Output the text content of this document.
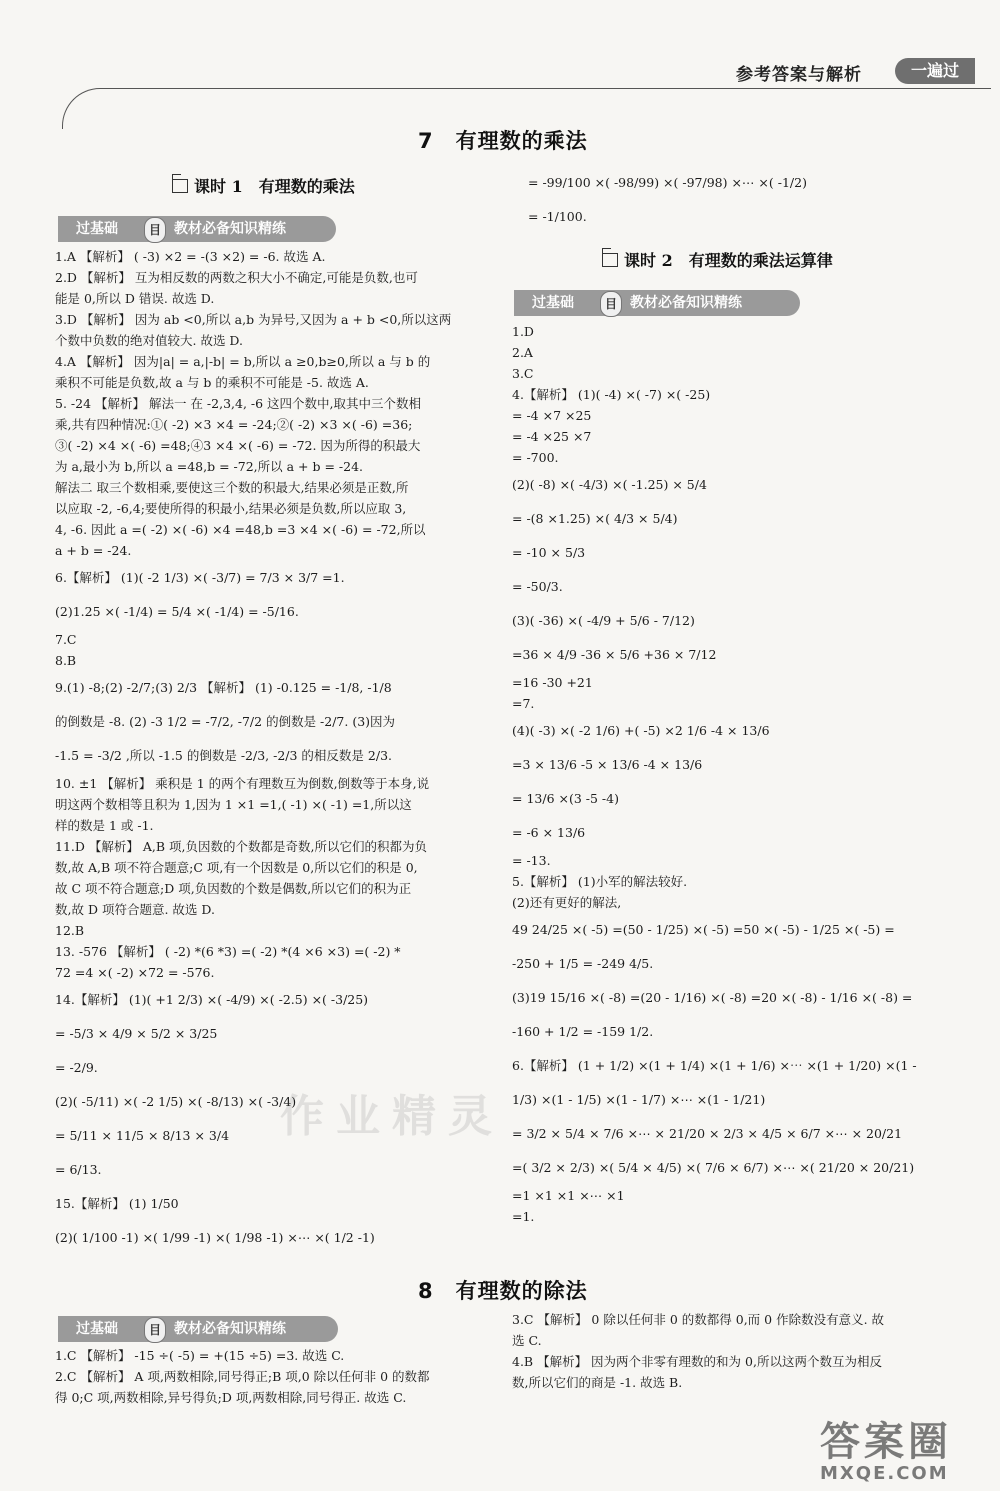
参考答案与解析	一遍过
7　有理数的乘法
课时 1　有理数的乘法
过基础	目 教材必备知识精练
1.A 【解析】 ( -3) ×2 = -(3 ×2) = -6. 故选 A.
2.D 【解析】 互为相反数的两数之积大小不确定,可能是负数,也可
能是 0,所以 D 错误. 故选 D.
3.D 【解析】 因为 ab <0,所以 a,b 为异号,又因为 a + b <0,所以这两
个数中负数的绝对值较大. 故选 D.
4.A 【解析】 因为|a| = a,|-b| = b,所以 a ≥0,b≥0,所以 a 与 b 的
乘积不可能是负数,故 a 与 b 的乘积不可能是 -5. 故选 A.
5. -24 【解析】 解法一 在 -2,3,4, -6 这四个数中,取其中三个数相
乘,共有四种情况:①( -2) ×3 ×4 = -24;②( -2) ×3 ×( -6) =36;
③( -2) ×4 ×( -6) =48;④3 ×4 ×( -6) = -72. 因为所得的积最大
为 a,最小为 b,所以 a =48,b = -72,所以 a + b = -24.
解法二 取三个数相乘,要使这三个数的积最大,结果必须是正数,所
以应取 -2, -6,4;要使所得的积最小,结果必须是负数,所以应取 3,
4, -6. 因此 a =( -2) ×( -6) ×4 =48,b =3 ×4 ×( -6) = -72,所以
a + b = -24.
6.【解析】 (1)( -2 1/3) ×( -3/7) = 7/3 × 3/7 =1.
(2)1.25 ×( -1/4) = 5/4 ×( -1/4) = -5/16.
7.C
8.B
9.(1) -8;(2) -2/7;(3) 2/3 【解析】 (1) -0.125 = -1/8, -1/8
的倒数是 -8. (2) -3 1/2 = -7/2, -7/2 的倒数是 -2/7. (3)因为
-1.5 = -3/2 ,所以 -1.5 的倒数是 -2/3, -2/3 的相反数是 2/3.
10. ±1 【解析】 乘积是 1 的两个有理数互为倒数,倒数等于本身,说
明这两个数相等且积为 1,因为 1 ×1 =1,( -1) ×( -1) =1,所以这
样的数是 1 或 -1.
11.D 【解析】 A,B 项,负因数的个数都是奇数,所以它们的积都为负
数,故 A,B 项不符合题意;C 项,有一个因数是 0,所以它们的积是 0,
故 C 项不符合题意;D 项,负因数的个数是偶数,所以它们的积为正
数,故 D 项符合题意. 故选 D.
12.B
13. -576 【解析】 ( -2) *(6 *3) =( -2) *(4 ×6 ×3) =( -2) *
72 =4 ×( -2) ×72 = -576.
14.【解析】 (1)( +1 2/3) ×( -4/9) ×( -2.5) ×( -3/25)
= -5/3 × 4/9 × 5/2 × 3/25
= -2/9.
(2)( -5/11) ×( -2 1/5) ×( -8/13) ×( -3/4)
= 5/11 × 11/5 × 8/13 × 3/4
= 6/13.
15.【解析】 (1) 1/50
(2)( 1/100 -1) ×( 1/99 -1) ×( 1/98 -1) ×⋯ ×( 1/2 -1)
= -99/100 ×( -98/99) ×( -97/98) ×⋯ ×( -1/2)
= -1/100.
课时 2　有理数的乘法运算律
过基础	目 教材必备知识精练
1.D
2.A
3.C
4.【解析】 (1)( -4) ×( -7) ×( -25)
= -4 ×7 ×25
= -4 ×25 ×7
= -700.
(2)( -8) ×( -4/3) ×( -1.25) × 5/4
= -(8 ×1.25) ×( 4/3 × 5/4)
= -10 × 5/3
= -50/3.
(3)( -36) ×( -4/9 + 5/6 - 7/12)
=36 × 4/9 -36 × 5/6 +36 × 7/12
=16 -30 +21
=7.
(4)( -3) ×( -2 1/6) +( -5) ×2 1/6 -4 × 13/6
=3 × 13/6 -5 × 13/6 -4 × 13/6
= 13/6 ×(3 -5 -4)
= -6 × 13/6
= -13.
5.【解析】 (1)小军的解法较好.
(2)还有更好的解法,
49 24/25 ×( -5) =(50 - 1/25) ×( -5) =50 ×( -5) - 1/25 ×( -5) =
-250 + 1/5 = -249 4/5.
(3)19 15/16 ×( -8) =(20 - 1/16) ×( -8) =20 ×( -8) - 1/16 ×( -8) =
-160 + 1/2 = -159 1/2.
6.【解析】 (1 + 1/2) ×(1 + 1/4) ×(1 + 1/6) ×⋯ ×(1 + 1/20) ×(1 -
1/3) ×(1 - 1/5) ×(1 - 1/7) ×⋯ ×(1 - 1/21)
= 3/2 × 5/4 × 7/6 ×⋯ × 21/20 × 2/3 × 4/5 × 6/7 ×⋯ × 20/21
=( 3/2 × 2/3) ×( 5/4 × 4/5) ×( 7/6 × 6/7) ×⋯ ×( 21/20 × 20/21)
=1 ×1 ×1 ×⋯ ×1
=1.
8　有理数的除法
过基础	目 教材必备知识精练
1.C 【解析】 -15 ÷( -5) = +(15 ÷5) =3. 故选 C.
2.C 【解析】 A 项,两数相除,同号得正;B 项,0 除以任何非 0 的数都
得 0;C 项,两数相除,异号得负;D 项,两数相除,同号得正. 故选 C.
3.C 【解析】 0 除以任何非 0 的数都得 0,而 0 作除数没有意义. 故
选 C.
4.B 【解析】 因为两个非零有理数的和为 0,所以这两个数互为相反
数,所以它们的商是 -1. 故选 B.
作业精灵
答案圈
MXQE.COM
